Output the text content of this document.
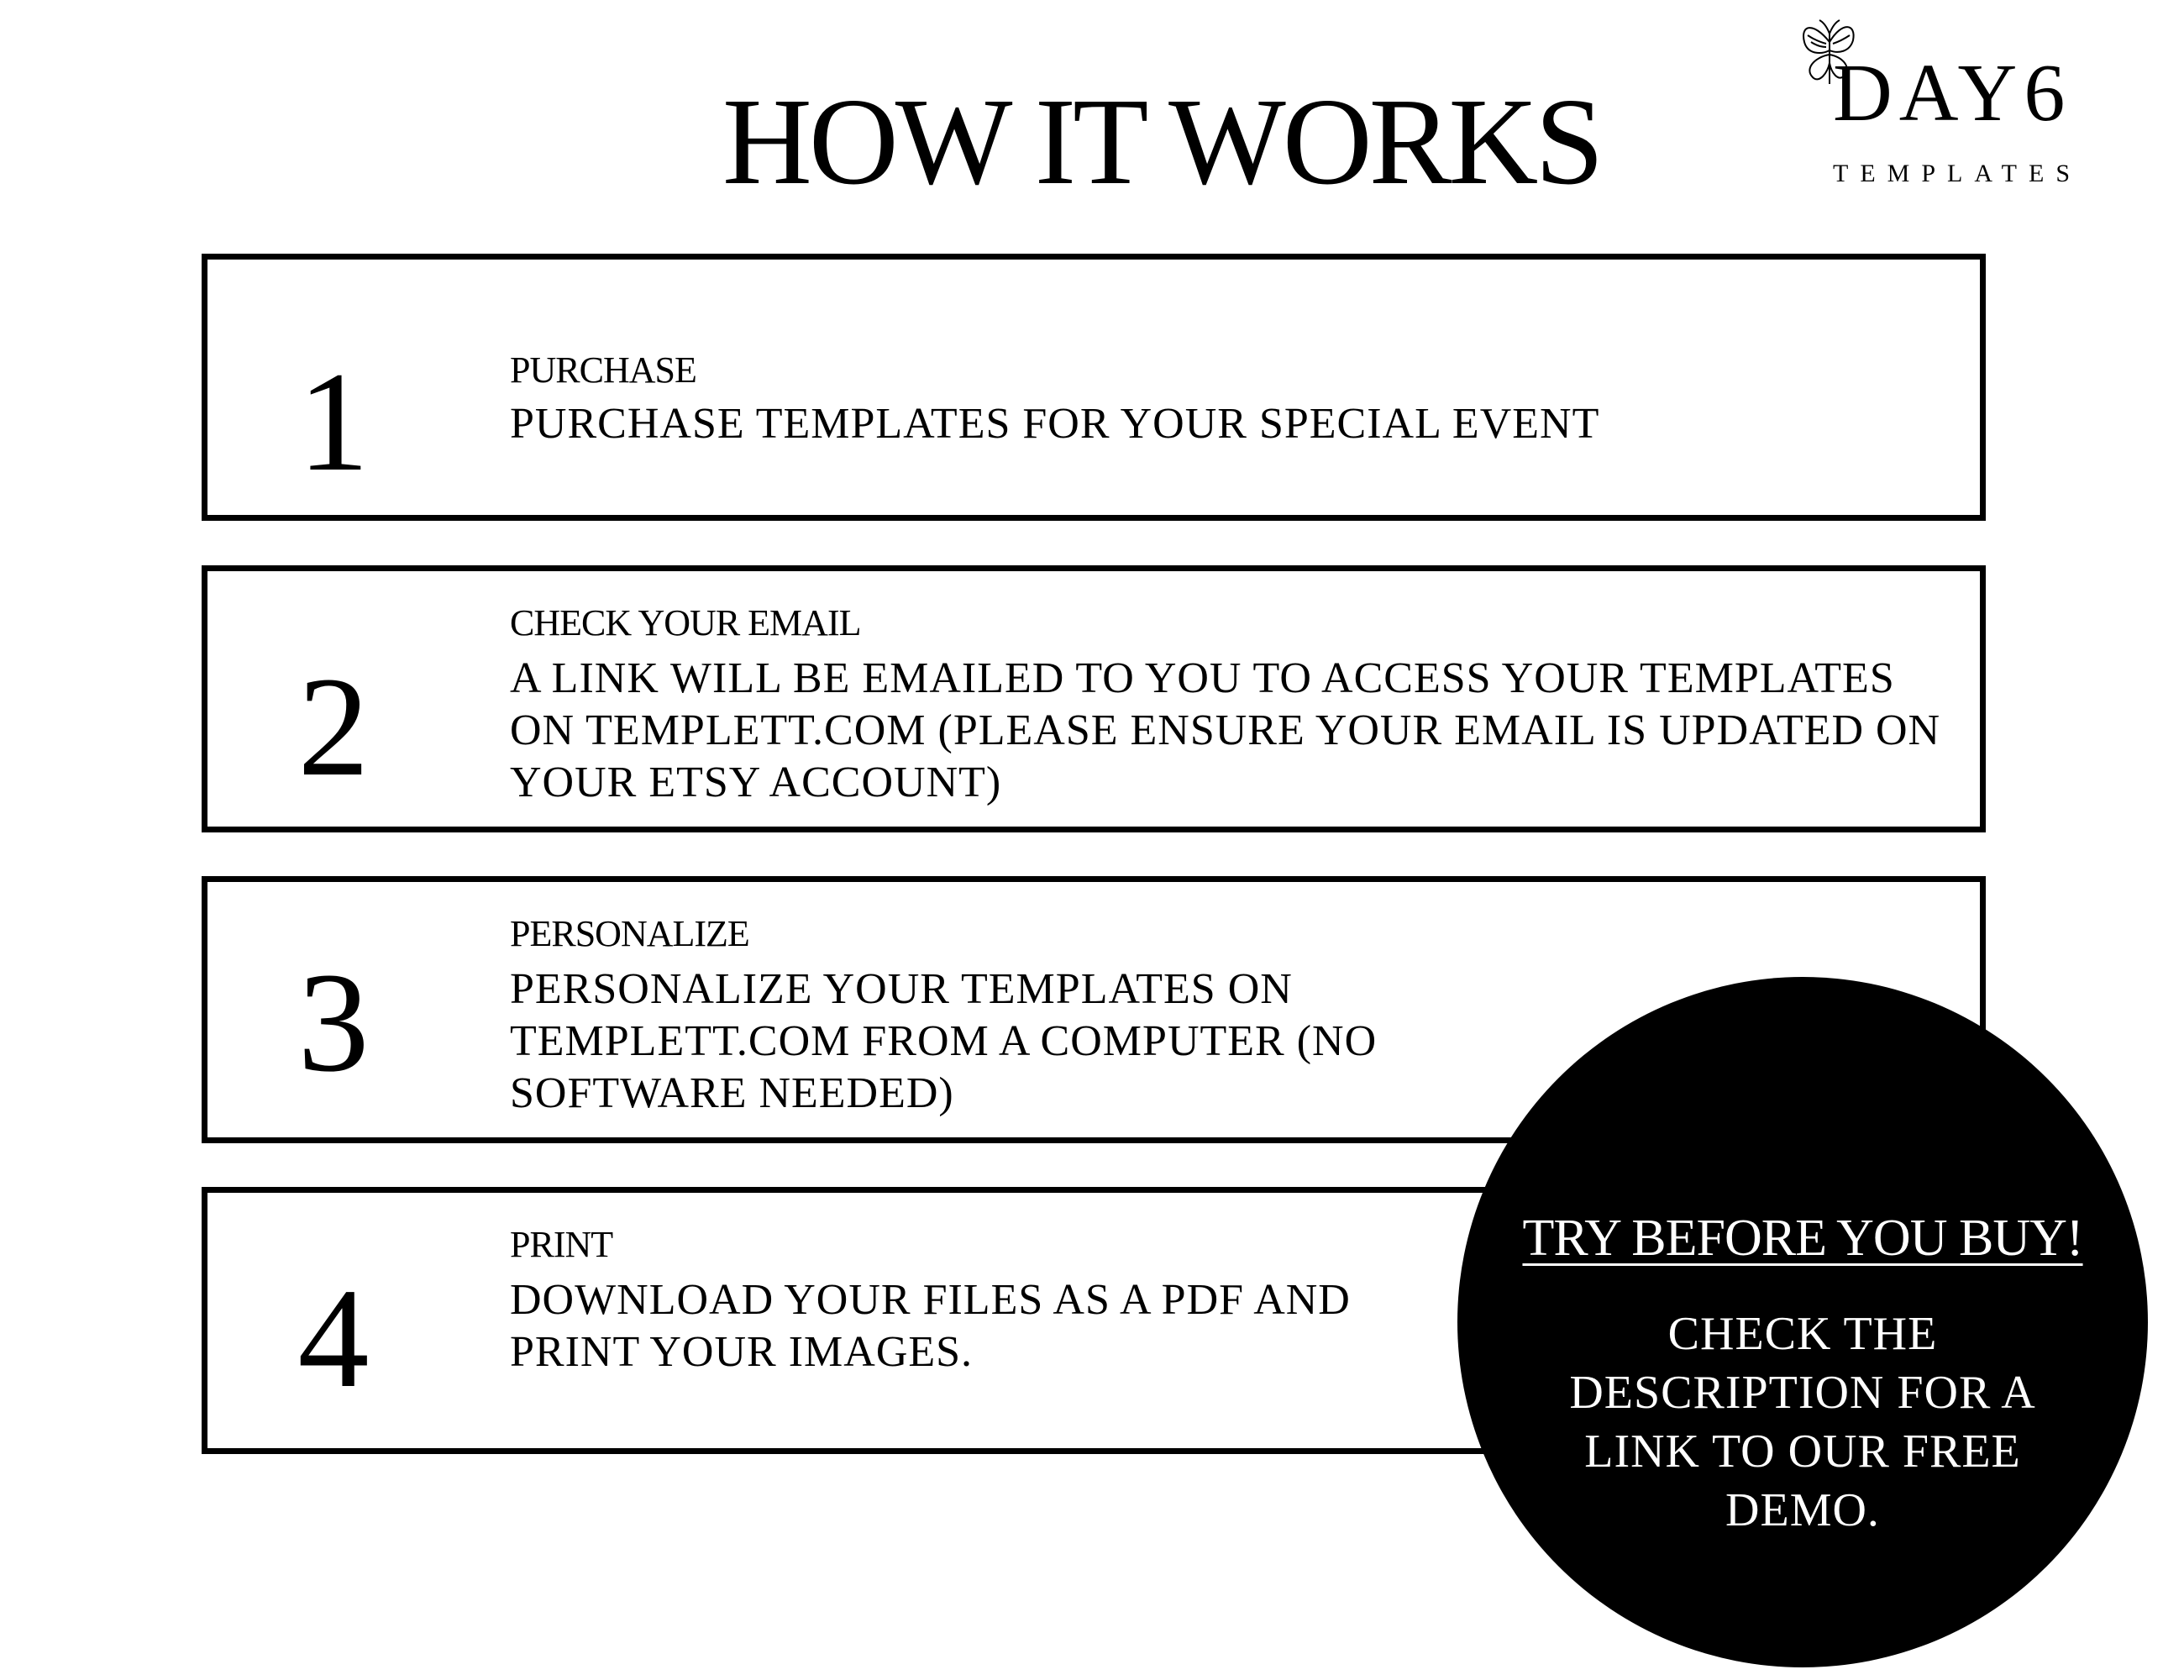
HOW IT WORKS	DAY6
TEMPLATES
1	PURCHASE
PURCHASE TEMPLATES FOR YOUR SPECIAL EVENT
2
CHECK YOUR EMAIL
A LINK WILL BE EMAILED TO YOU TO ACCESS YOUR TEMPLATES ON TEMPLETT.COM (PLEASE ENSURE YOUR EMAIL IS UPDATED ON YOUR ETSY ACCOUNT)
3
PERSONALIZE
PERSONALIZE YOUR TEMPLATES ON TEMPLETT.COM FROM A COMPUTER (NO SOFTWARE NEEDED)
4
PRINT
DOWNLOAD YOUR FILES AS A PDF AND PRINT YOUR IMAGES.
TRY BEFORE YOU BUY!
CHECK THE DESCRIPTION FOR A LINK TO OUR FREE DEMO.
